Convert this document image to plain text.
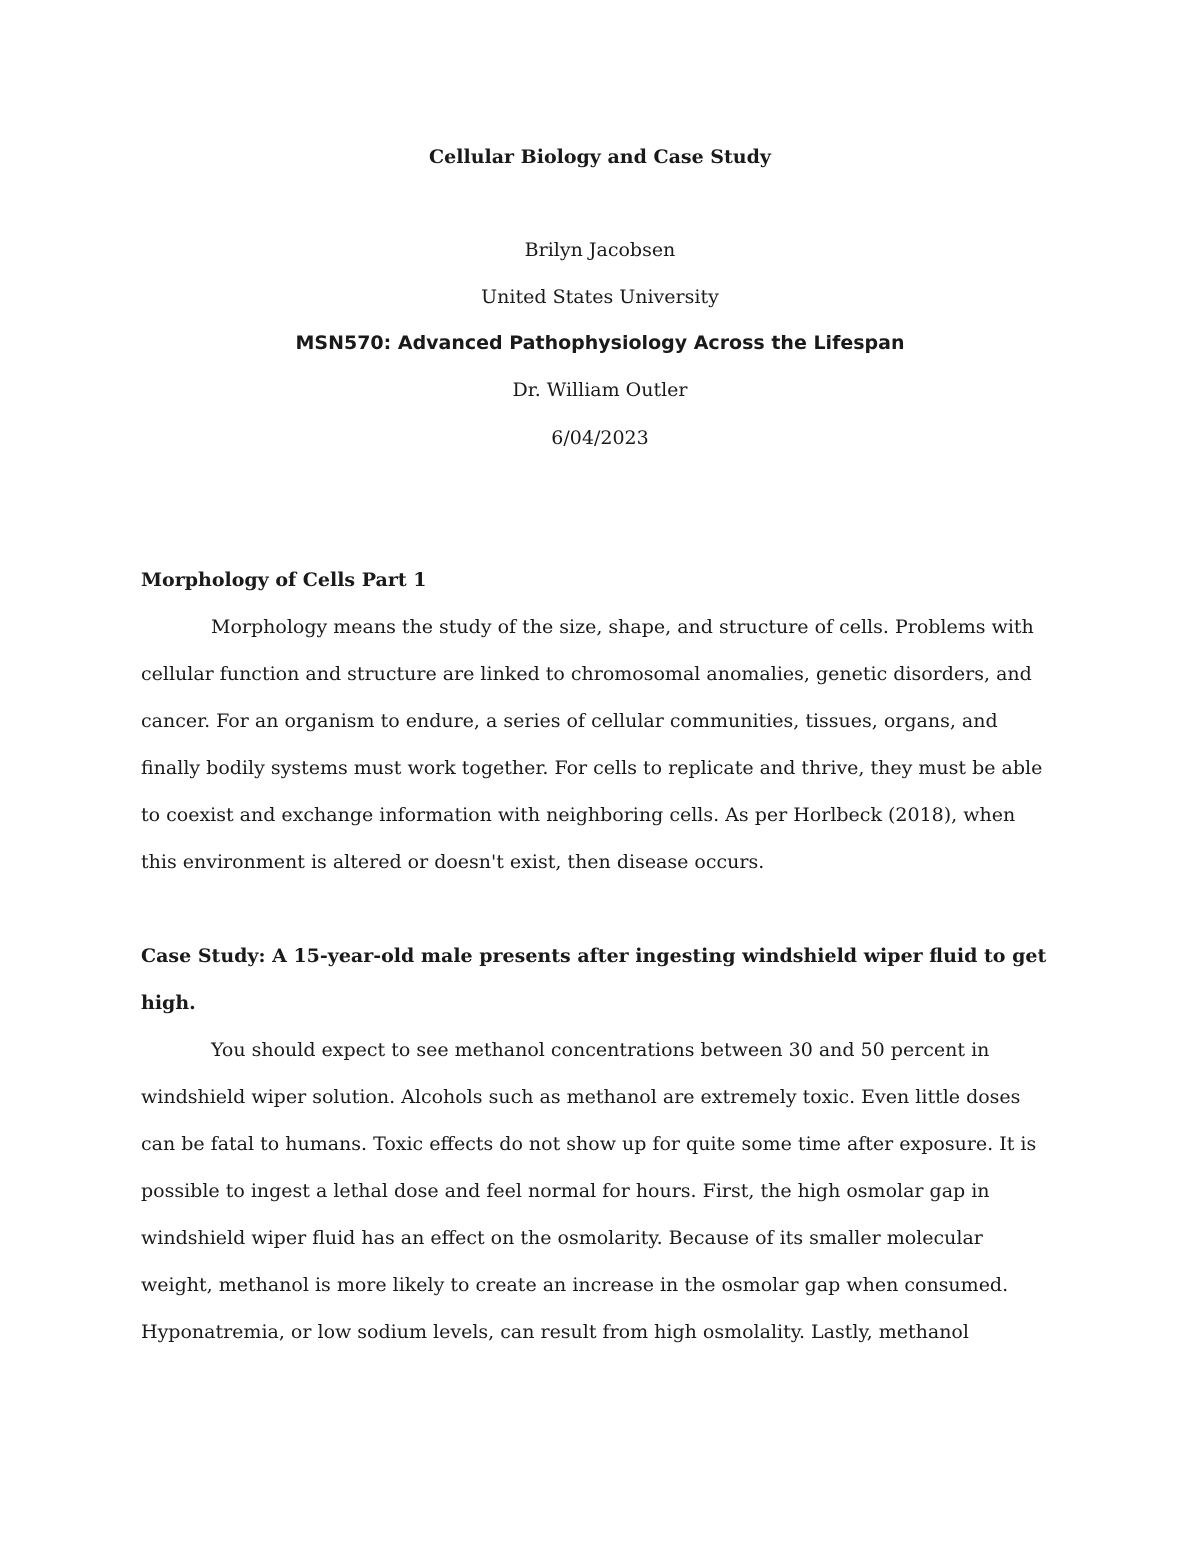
Cellular Biology and Case Study
Brilyn Jacobsen
United States University
MSN570: Advanced Pathophysiology Across the Lifespan
Dr. William Outler
6/04/2023
Morphology of Cells Part 1
Morphology means the study of the size, shape, and structure of cells. Problems with
cellular function and structure are linked to chromosomal anomalies, genetic disorders, and
cancer. For an organism to endure, a series of cellular communities, tissues, organs, and
finally bodily systems must work together. For cells to replicate and thrive, they must be able
to coexist and exchange information with neighboring cells. As per Horlbeck (2018), when
this environment is altered or doesn't exist, then disease occurs.
Case Study: A 15-year-old male presents after ingesting windshield wiper fluid to get
high.
You should expect to see methanol concentrations between 30 and 50 percent in
windshield wiper solution. Alcohols such as methanol are extremely toxic. Even little doses
can be fatal to humans. Toxic effects do not show up for quite some time after exposure. It is
possible to ingest a lethal dose and feel normal for hours. First, the high osmolar gap in
windshield wiper fluid has an effect on the osmolarity. Because of its smaller molecular
weight, methanol is more likely to create an increase in the osmolar gap when consumed.
Hyponatremia, or low sodium levels, can result from high osmolality. Lastly, methanol
